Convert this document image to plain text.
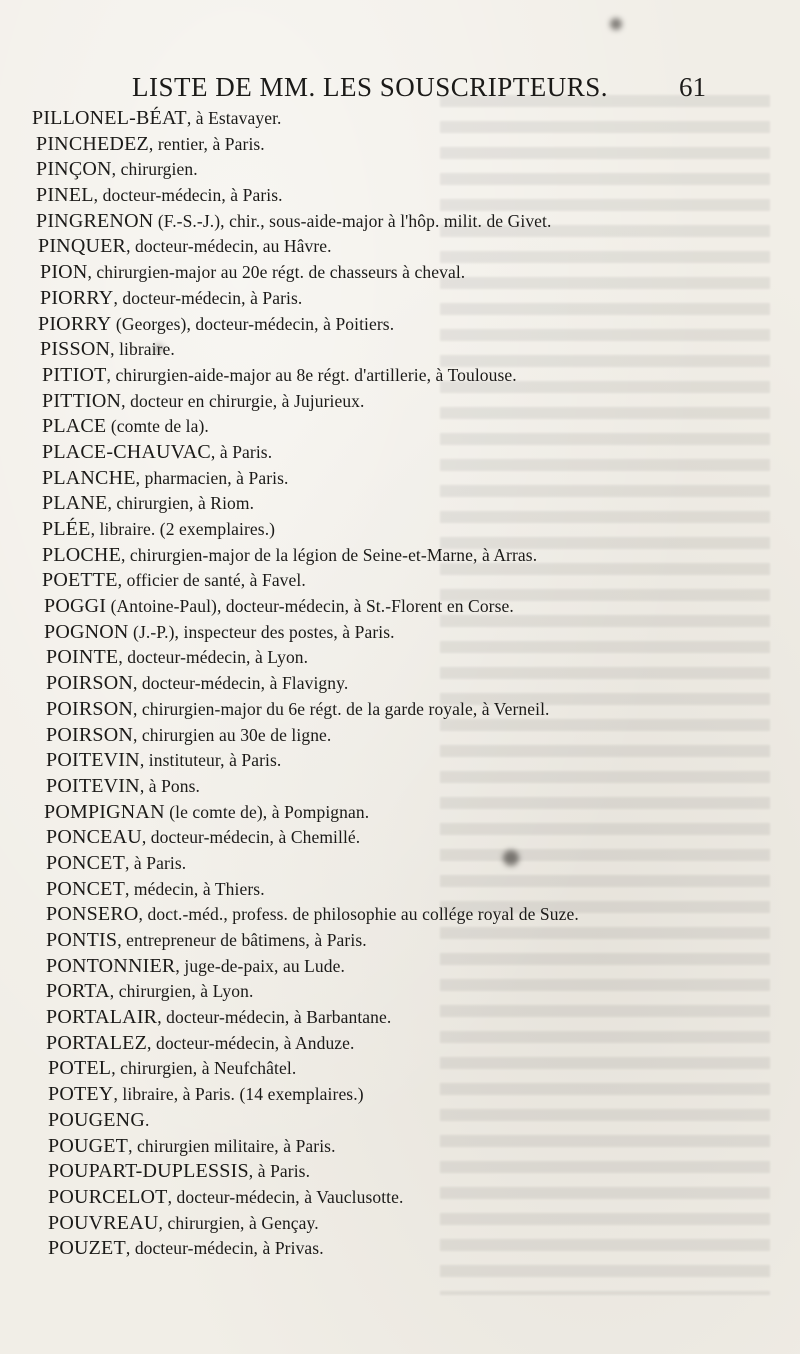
LISTE DE MM. LES SOUSCRIPTEURS.	61
PILLONEL-BÉAT, à Estavayer.
PINCHEDEZ, rentier, à Paris.
PINÇON, chirurgien.
PINEL, docteur-médecin, à Paris.
PINGRENON (F.-S.-J.), chir., sous-aide-major à l'hôp. milit. de Givet.
PINQUER, docteur-médecin, au Hâvre.
PION, chirurgien-major au 20e régt. de chasseurs à cheval.
PIORRY, docteur-médecin, à Paris.
PIORRY (Georges), docteur-médecin, à Poitiers.
PISSON, libraire.
PITIOT, chirurgien-aide-major au 8e régt. d'artillerie, à Toulouse.
PITTION, docteur en chirurgie, à Jujurieux.
PLACE (comte de la).
PLACE-CHAUVAC, à Paris.
PLANCHE, pharmacien, à Paris.
PLANE, chirurgien, à Riom.
PLÉE, libraire. (2 exemplaires.)
PLOCHE, chirurgien-major de la légion de Seine-et-Marne, à Arras.
POETTE, officier de santé, à Favel.
POGGI (Antoine-Paul), docteur-médecin, à St.-Florent en Corse.
POGNON (J.-P.), inspecteur des postes, à Paris.
POINTE, docteur-médecin, à Lyon.
POIRSON, docteur-médecin, à Flavigny.
POIRSON, chirurgien-major du 6e régt. de la garde royale, à Verneil.
POIRSON, chirurgien au 30e de ligne.
POITEVIN, instituteur, à Paris.
POITEVIN, à Pons.
POMPIGNAN (le comte de), à Pompignan.
PONCEAU, docteur-médecin, à Chemillé.
PONCET, à Paris.
PONCET, médecin, à Thiers.
PONSERO, doct.-méd., profess. de philosophie au collége royal de Suze.
PONTIS, entrepreneur de bâtimens, à Paris.
PONTONNIER, juge-de-paix, au Lude.
PORTA, chirurgien, à Lyon.
PORTALAIR, docteur-médecin, à Barbantane.
PORTALEZ, docteur-médecin, à Anduze.
POTEL, chirurgien, à Neufchâtel.
POTEY, libraire, à Paris. (14 exemplaires.)
POUGENG.
POUGET, chirurgien militaire, à Paris.
POUPART-DUPLESSIS, à Paris.
POURCELOT, docteur-médecin, à Vauclusotte.
POUVREAU, chirurgien, à Gençay.
POUZET, docteur-médecin, à Privas.
